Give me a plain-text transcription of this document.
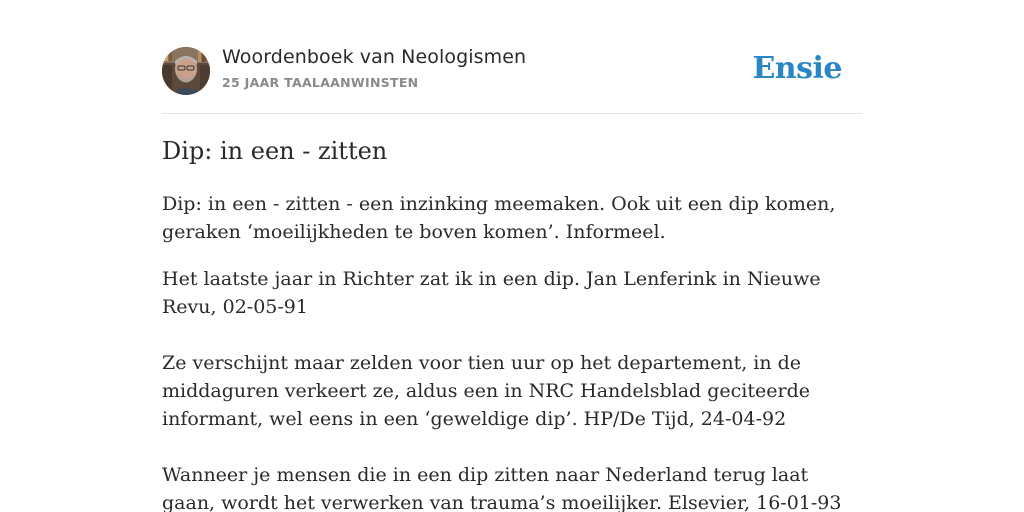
Woordenboek van Neologismen
25 JAAR TAALAANWINSTEN	Ensie
Dip: in een - zitten
Dip: in een - zitten - een inzinking meemaken. Ook uit een dip komen, geraken ‘moeilijkheden te boven komen’. Informeel.

Het laatste jaar in Richter zat ik in een dip. Jan Lenferink in Nieuwe Revu, 02-05-91

Ze verschijnt maar zelden voor tien uur op het departement, in de middaguren verkeert ze, aldus een in NRC Handelsblad geciteerde informant, wel eens in een ‘geweldige dip’. HP/De Tijd, 24-04-92

Wanneer je mensen die in een dip zitten naar Nederland terug laat gaan, wordt het verwerken van trauma’s moeilijker. Elsevier, 16-01-93
